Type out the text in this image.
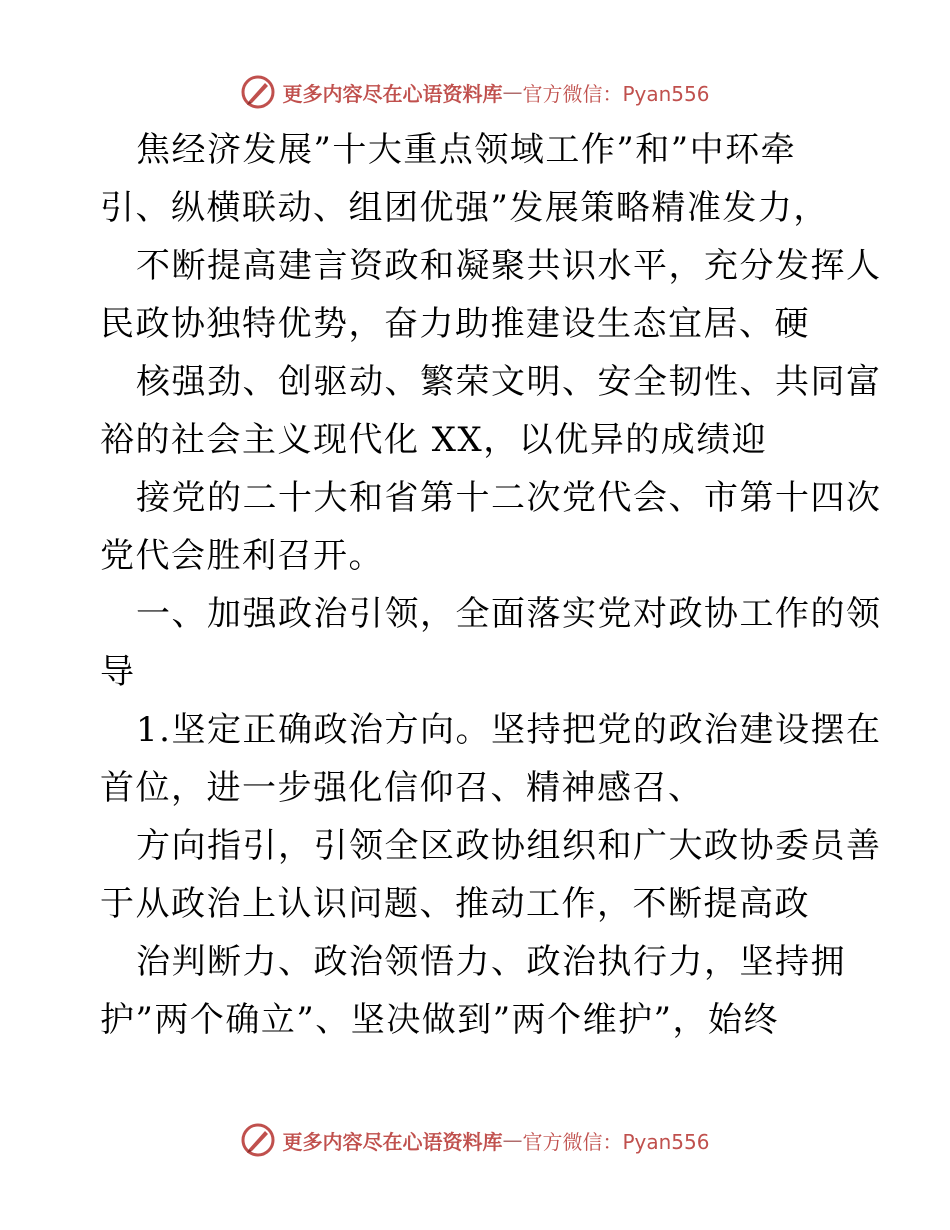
更多内容尽在心语资料库 — 官方微信：Pyan556
焦经济发展”十大重点领域工作”和”中环牵
引、纵横联动、组团优强”发展策略精准发力，
不断提高建言资政和凝聚共识水平，充分发挥人
民政协独特优势，奋力助推建设生态宜居、硬
核强劲、创驱动、繁荣文明、安全韧性、共同富
裕的社会主义现代化 XX，以优异的成绩迎
接党的二十大和省第十二次党代会、市第十四次
党代会胜利召开。
一、加强政治引领，全面落实党对政协工作的领
导
1.坚定正确政治方向。坚持把党的政治建设摆在
首位，进一步强化信仰召、精神感召、
方向指引，引领全区政协组织和广大政协委员善
于从政治上认识问题、推动工作，不断提高政
治判断力、政治领悟力、政治执行力，坚持拥
护”两个确立”、坚决做到”两个维护”，始终
更多内容尽在心语资料库 — 官方微信：Pyan556
